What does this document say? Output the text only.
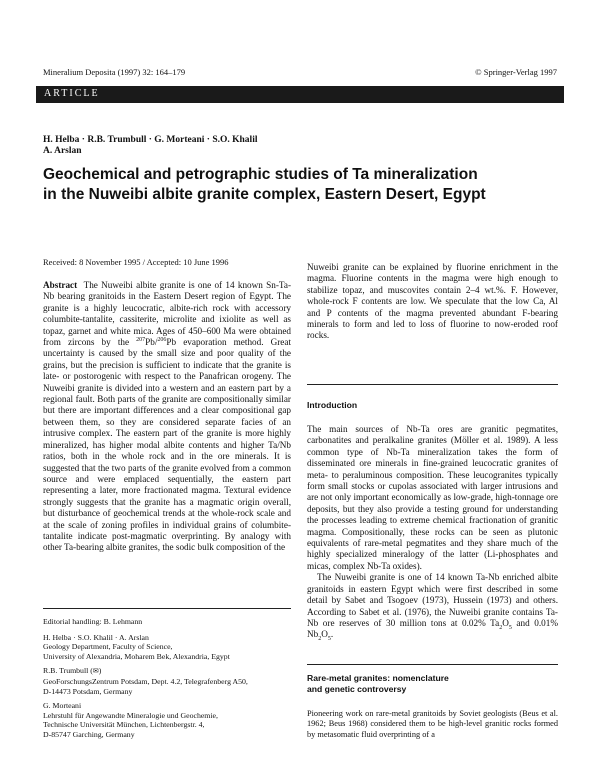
Mineralium Deposita (1997) 32: 164–179	© Springer-Verlag 1997
ARTICLE
H. Helba · R.B. Trumbull · G. Morteani · S.O. Khalil
A. Arslan
Geochemical and petrographic studies of Ta mineralization
in the Nuweibi albite granite complex, Eastern Desert, Egypt
Received: 8 November 1995 / Accepted: 10 June 1996

Abstract The Nuweibi albite granite is one of 14 known Sn-Ta-Nb bearing granitoids in the Eastern Desert region of Egypt. The granite is a highly leucocratic, albite-rich rock with accessory columbite-tantalite, cassiterite, microlite and ixiolite as well as topaz, garnet and white mica. Ages of 450–600 Ma were obtained from zircons by the $^{207}$Pb/$^{206}$Pb evaporation method. Great uncertainty is caused by the small size and poor quality of the grains, but the precision is sufficient to indicate that the granite is late- or postorogenic with respect to the Panafrican orogeny. The Nuweibi granite is divided into a western and an eastern part by a regional fault. Both parts of the granite are compositionally similar but there are important differences and a clear compositional gap between them, so they are considered separate facies of an intrusive complex. The eastern part of the granite is more highly mineralized, has higher modal albite contents and higher Ta/Nb ratios, both in the whole rock and in the ore minerals. It is suggested that the two parts of the granite evolved from a common source and were emplaced sequentially, the eastern part representing a later, more fractionated magma. Textural evidence strongly suggests that the granite has a magmatic origin overall, but disturbance of geochemical trends at the whole-rock scale and at the scale of zoning profiles in individual grains of columbite-tantalite indicate post-magmatic overprinting. By analogy with other Ta-bearing albite granites, the sodic bulk composition of the

Editorial handling: B. Lehmann

H. Helba · S.O. Khalil · A. Arslan

Geology Department, Faculty of Science,

University of Alexandria, Moharem Bek, Alexandria, Egypt

R.B. Trumbull (✉)

GeoForschungsZentrum Potsdam, Dept. 4.2, Telegrafenberg A50,

D-14473 Potsdam, Germany

G. Morteani

Lehrstuhl für Angewandte Mineralogie und Geochemie,

Technische Universität München, Lichtenbergstr. 4,

D-85747 Garching, Germany

Nuweibi granite can be explained by fluorine enrichment in the magma. Fluorine contents in the magma were high enough to stabilize topaz, and muscovites contain 2–4 wt.%. F. However, whole-rock F contents are low. We speculate that the low Ca, Al and P contents of the magma prevented abundant F-bearing minerals to form and led to loss of fluorine to now-eroded roof rocks.

Introduction

The main sources of Nb-Ta ores are granitic pegmatites, carbonatites and peralkaline granites (Möller et al. 1989). A less common type of Nb-Ta mineralization takes the form of disseminated ore minerals in fine-grained leucocratic granites of meta- to peraluminous composition. These leucogranites typically form small stocks or cupolas associated with larger intrusions and are not only important economically as low-grade, high-tonnage ore deposits, but they also provide a testing ground for understanding the processes leading to extreme chemical fractionation of granitic magma. Compositionally, these rocks can be seen as plutonic equivalents of rare-metal pegmatites and they share much of the highly specialized mineralogy of the latter (Li-phosphates and micas, complex Nb-Ta oxides).

The Nuweibi granite is one of 14 known Ta-Nb enriched albite granitoids in eastern Egypt which were first described in some detail by Sabet and Tsogoev (1973), Hussein (1973) and others. According to Sabet et al. (1976), the Nuweibi granite contains Ta-Nb ore reserves of 30 million tons at 0.02% $Ta_2O_5$ and 0.01% $Nb_2O_5$.

Rare-metal granites: nomenclature
and genetic controversy

Pioneering work on rare-metal granitoids by Soviet geologists (Beus et al. 1962; Beus 1968) considered them to be high-level granitic rocks formed by metasomatic fluid overprinting of a
